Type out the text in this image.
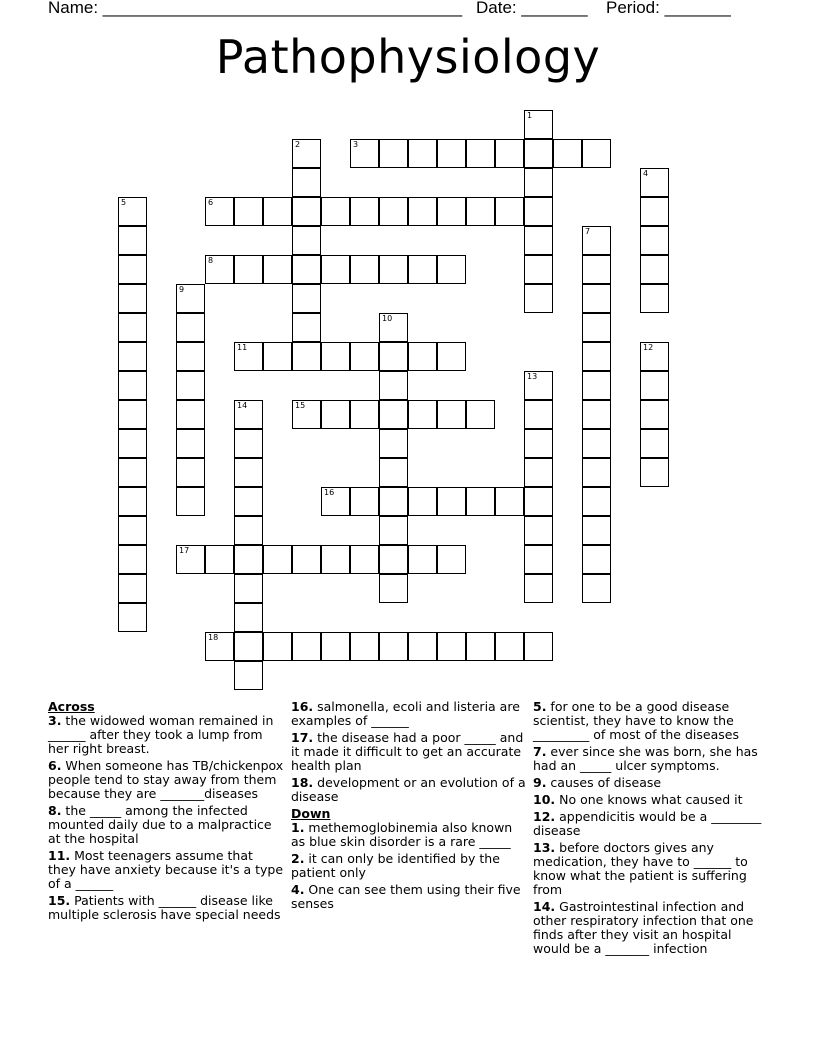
Name: ______________________________________ Date: _______ Period: _______
Pathophysiology
1
2	3
4
5	6
7
8
9
10
11	12
13
14	15
16
17
18
Across
3. the widowed woman remained in ______ after they took a lump from her right breast.
6. When someone has TB/chickenpox people tend to stay away from them because they are _______diseases
8. the _____ among the infected mounted daily due to a malpractice at the hospital
11. Most teenagers assume that they have anxiety because it's a type of a ______
15. Patients with ______ disease like multiple sclerosis have special needs
16. salmonella, ecoli and listeria are examples of ______
17. the disease had a poor _____ and it made it difficult to get an accurate health plan
18. development or an evolution of a disease
Down
1. methemoglobinemia also known as blue skin disorder is a rare _____
2. it can only be identified by the patient only
4. One can see them using their five senses
5. for one to be a good disease scientist, they have to know the _________ of most of the diseases
7. ever since she was born, she has had an _____ ulcer symptoms.
9. causes of disease
10. No one knows what caused it
12. appendicitis would be a ________ disease
13. before doctors gives any medication, they have to ______ to know what the patient is suffering from
14. Gastrointestinal infection and other respiratory infection that one finds after they visit an hospital would be a _______ infection
